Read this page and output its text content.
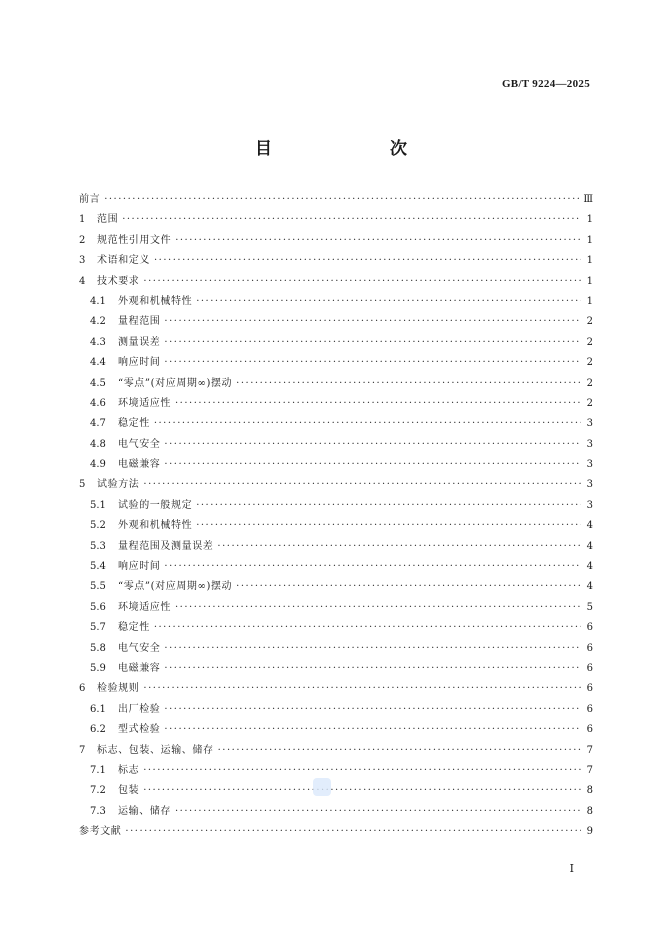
GB/T 9224—2025
目　　次
前言 ·····	Ⅲ
1	范围 ·····	1
2	规范性引用文件 ·····	1
3	术语和定义 ·····	1
4	技术要求 ·····	1
4.1	外观和机械特性 ·····	1
4.2	量程范围 ·····	2
4.3	测量误差 ·····	2
4.4	响应时间 ·····	2
4.5	“零点”(对应周期∞)摆动 ·····	2
4.6	环境适应性 ·····	2
4.7	稳定性 ·····	3
4.8	电气安全 ·····	3
4.9	电磁兼容 ·····	3
5	试验方法 ·····	3
5.1	试验的一般规定 ·····	3
5.2	外观和机械特性 ·····	4
5.3	量程范围及测量误差 ·····	4
5.4	响应时间 ·····	4
5.5	“零点”(对应周期∞)摆动 ·····	4
5.6	环境适应性 ·····	5
5.7	稳定性 ·····	6
5.8	电气安全 ·····	6
5.9	电磁兼容 ·····	6
6	检验规则 ·····	6
6.1	出厂检验 ·····	6
6.2	型式检验 ·····	6
7	标志、包装、运输、储存 ·····	7
7.1	标志 ·····	7
7.2	包装 ·····	8
7.3	运输、储存 ·····	8
参考文献 ·····	9
Ⅰ
